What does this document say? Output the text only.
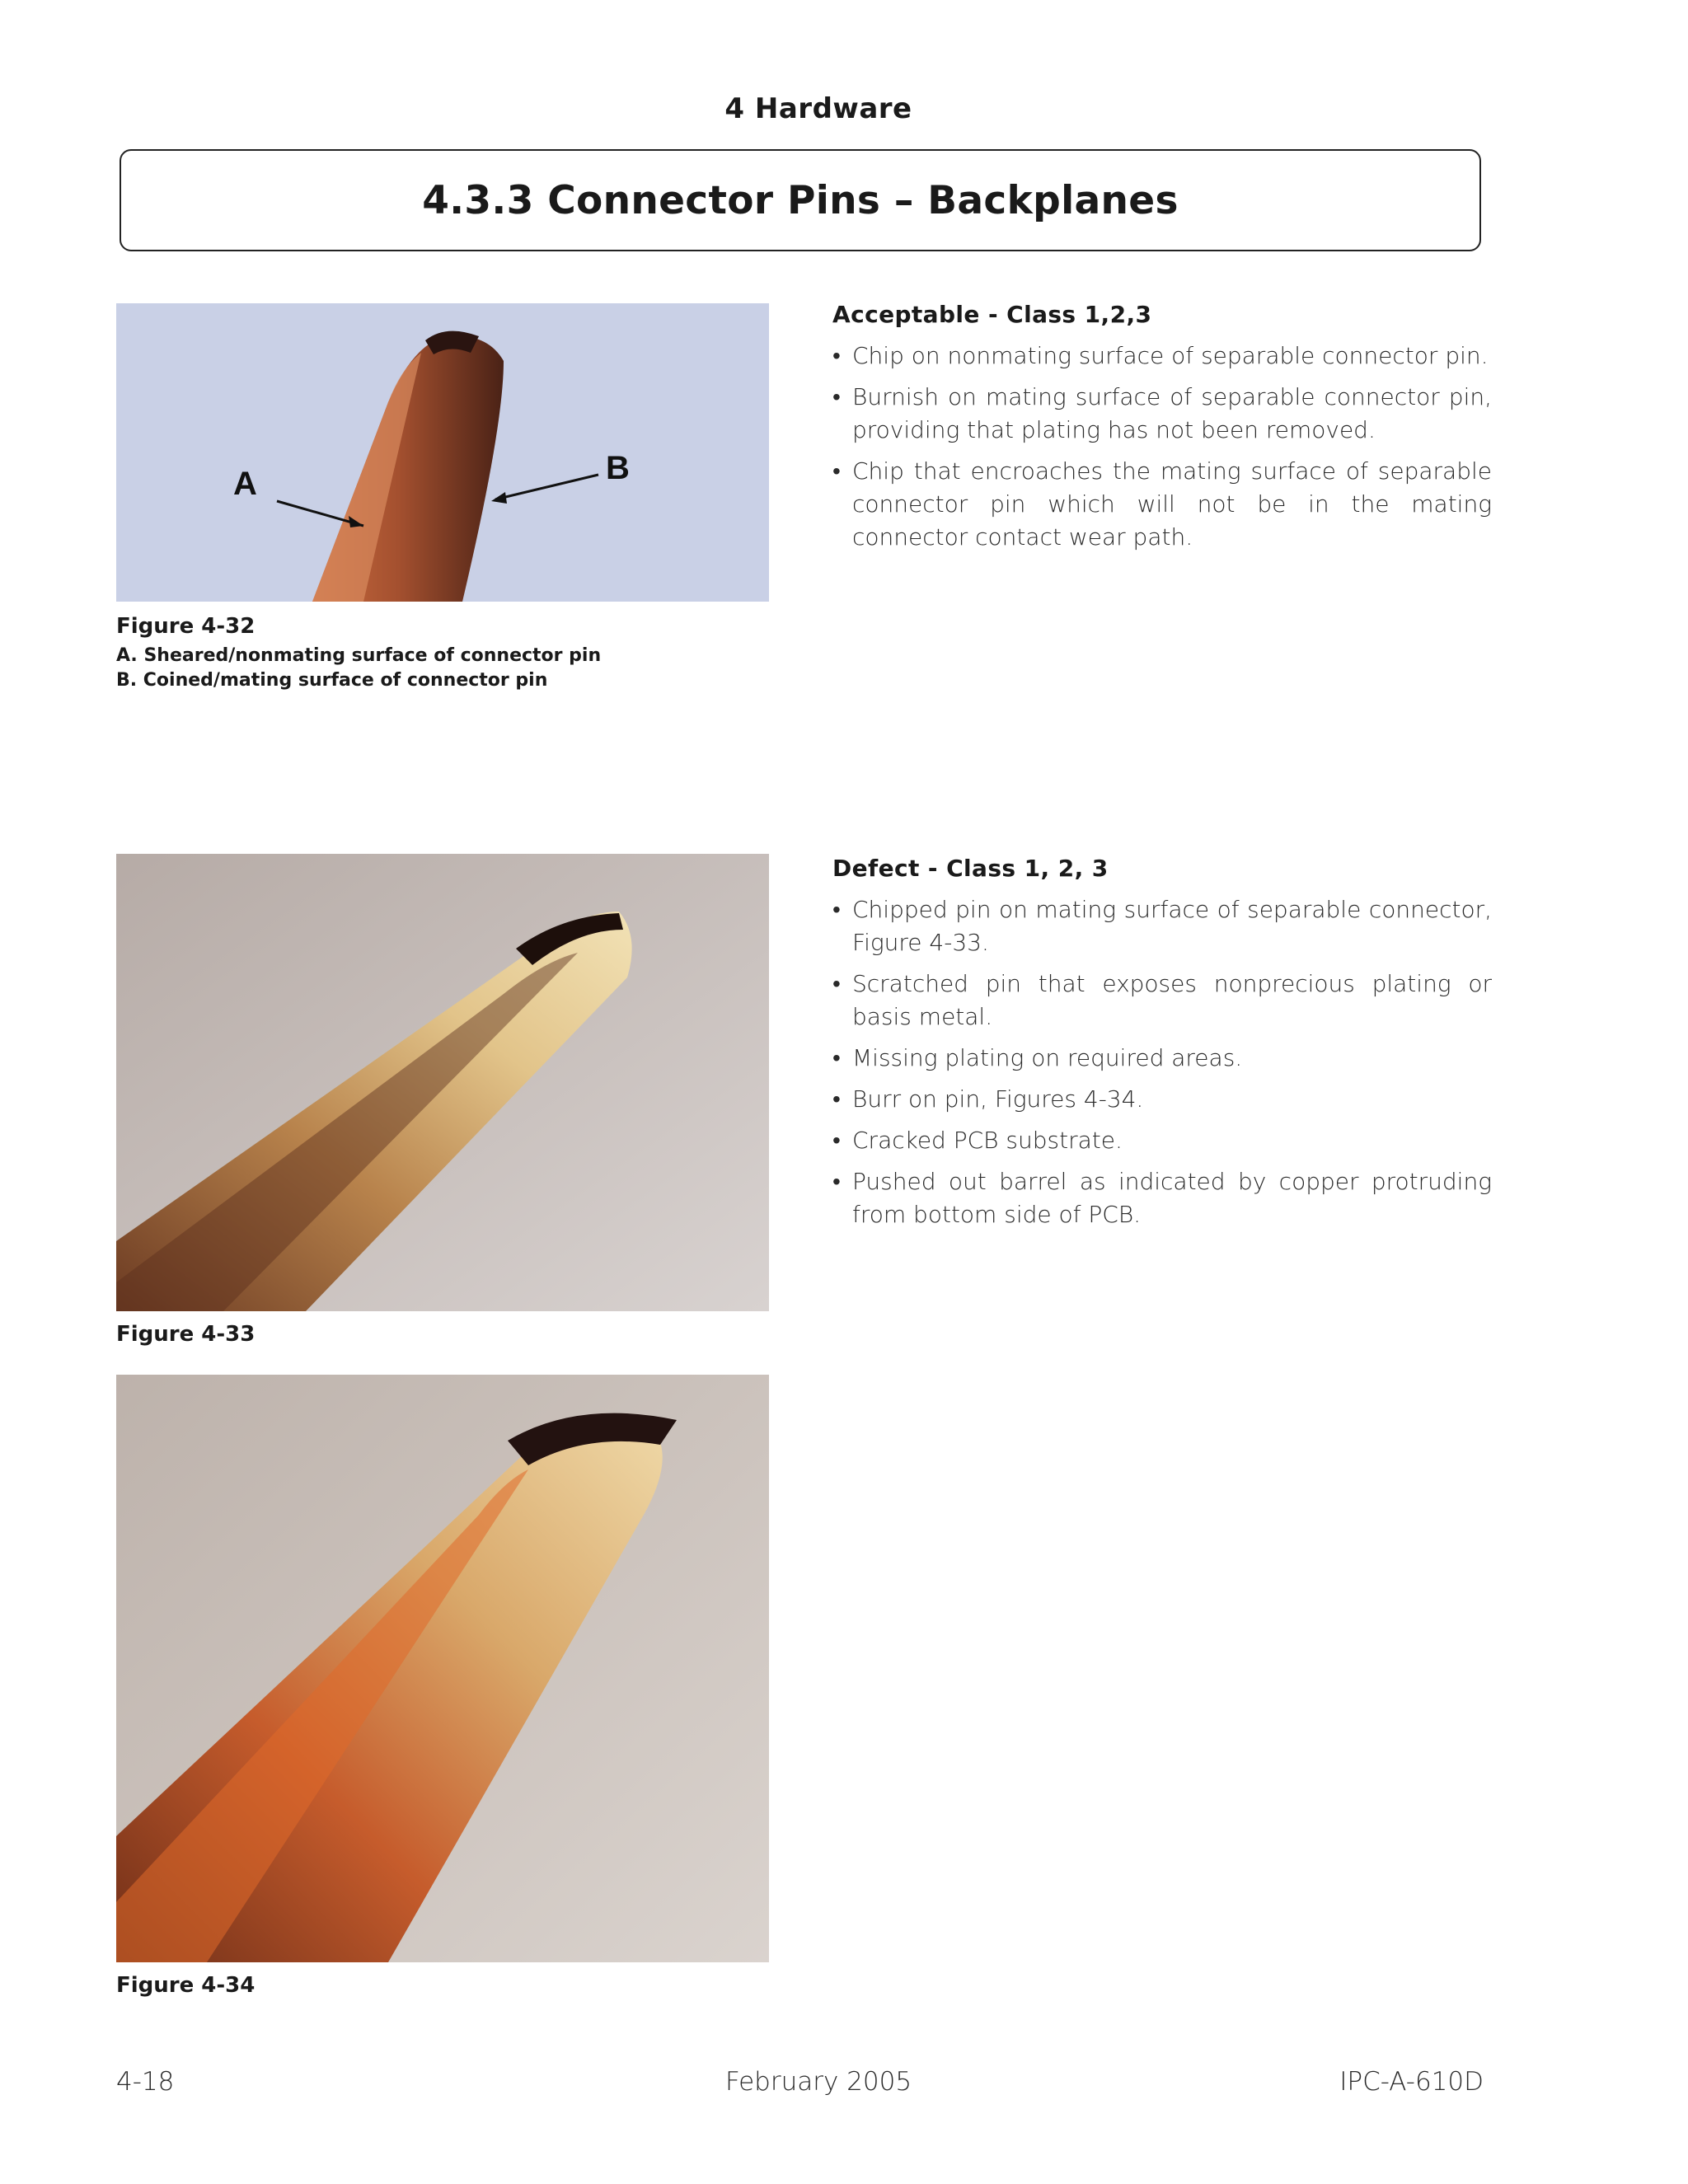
4 Hardware
4.3.3 Connector Pins – Backplanes
A	B
Figure 4-32
A. Sheared/nonmating surface of connector pin
B. Coined/mating surface of connector pin
Acceptable - Class 1,2,3
• Chip on nonmating surface of separable connector pin.
• Burnish on mating surface of separable connector pin, providing that plating has not been removed.
• Chip that encroaches the mating surface of separable connector pin which will not be in the mating connector contact wear path.
Figure 4-33
Defect - Class 1, 2, 3
• Chipped pin on mating surface of separable connector, Figure 4-33.
• Scratched pin that exposes nonprecious plating or basis metal.
• Missing plating on required areas.
• Burr on pin, Figures 4-34.
• Cracked PCB substrate.
• Pushed out barrel as indicated by copper protruding from bottom side of PCB.
Figure 4-34
4-18	February 2005	IPC-A-610D
